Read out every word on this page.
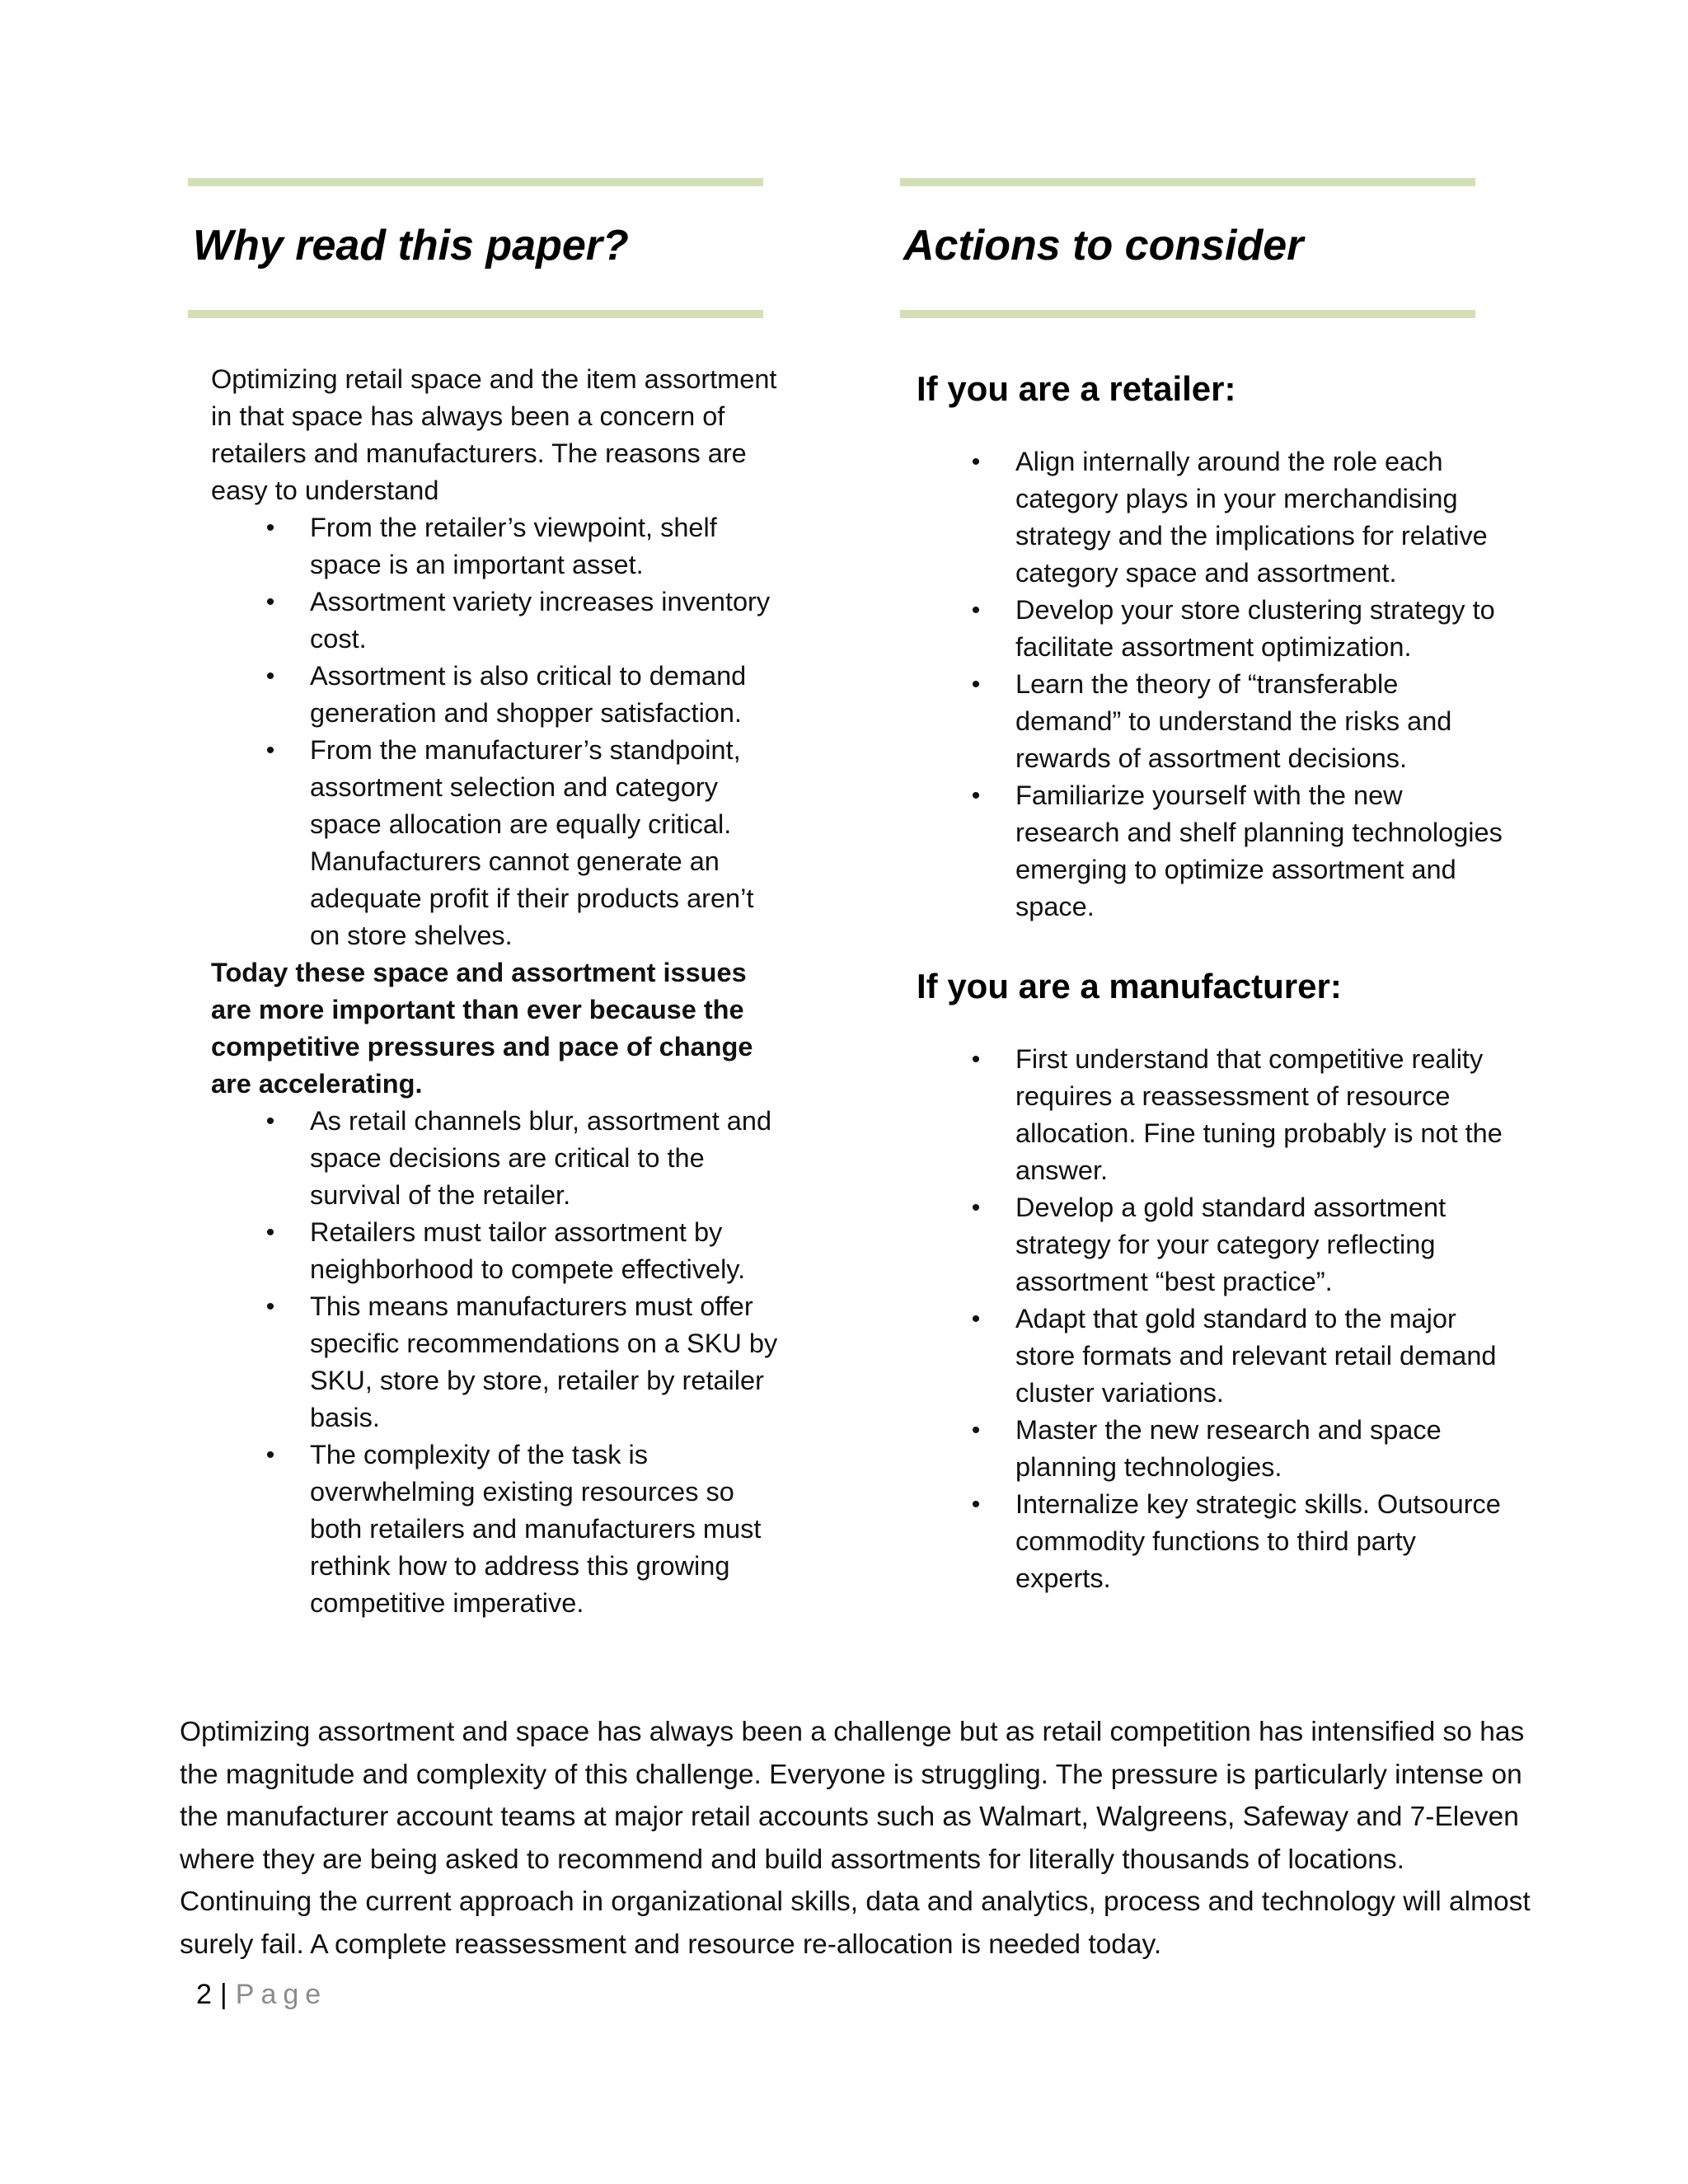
Why read this paper?	Actions to consider

Optimizing retail space and the item assortment in that space has always been a concern of retailers and manufacturers. The reasons are easy to understand

• From the retailer’s viewpoint, shelf space is an important asset.
• Assortment variety increases inventory cost.
• Assortment is also critical to demand generation and shopper satisfaction.
• From the manufacturer’s standpoint, assortment selection and category space allocation are equally critical. Manufacturers cannot generate an adequate profit if their products aren’t on store shelves.

Today these space and assortment issues are more important than ever because the competitive pressures and pace of change are accelerating.

• As retail channels blur, assortment and space decisions are critical to the survival of the retailer.
• Retailers must tailor assortment by neighborhood to compete effectively.
• This means manufacturers must offer specific recommendations on a SKU by SKU, store by store, retailer by retailer basis.
• The complexity of the task is overwhelming existing resources so both retailers and manufacturers must rethink how to address this growing competitive imperative.
If you are a retailer:
• Align internally around the role each category plays in your merchandising strategy and the implications for relative category space and assortment.
• Develop your store clustering strategy to facilitate assortment optimization.
• Learn the theory of “transferable demand” to understand the risks and rewards of assortment decisions.
• Familiarize yourself with the new research and shelf planning technologies emerging to optimize assortment and space.
If you are a manufacturer:
• First understand that competitive reality requires a reassessment of resource allocation. Fine tuning probably is not the answer.
• Develop a gold standard assortment strategy for your category reflecting assortment “best practice”.
• Adapt that gold standard to the major store formats and relevant retail demand cluster variations.
• Master the new research and space planning technologies.
• Internalize key strategic skills. Outsource commodity functions to third party experts.

Optimizing assortment and space has always been a challenge but as retail competition has intensified so has the magnitude and complexity of this challenge. Everyone is struggling. The pressure is particularly intense on the manufacturer account teams at major retail accounts such as Walmart, Walgreens, Safeway and 7-Eleven where they are being asked to recommend and build assortments for literally thousands of locations. Continuing the current approach in organizational skills, data and analytics, process and technology will almost surely fail. A complete reassessment and resource re-allocation is needed today.

2 | Page
